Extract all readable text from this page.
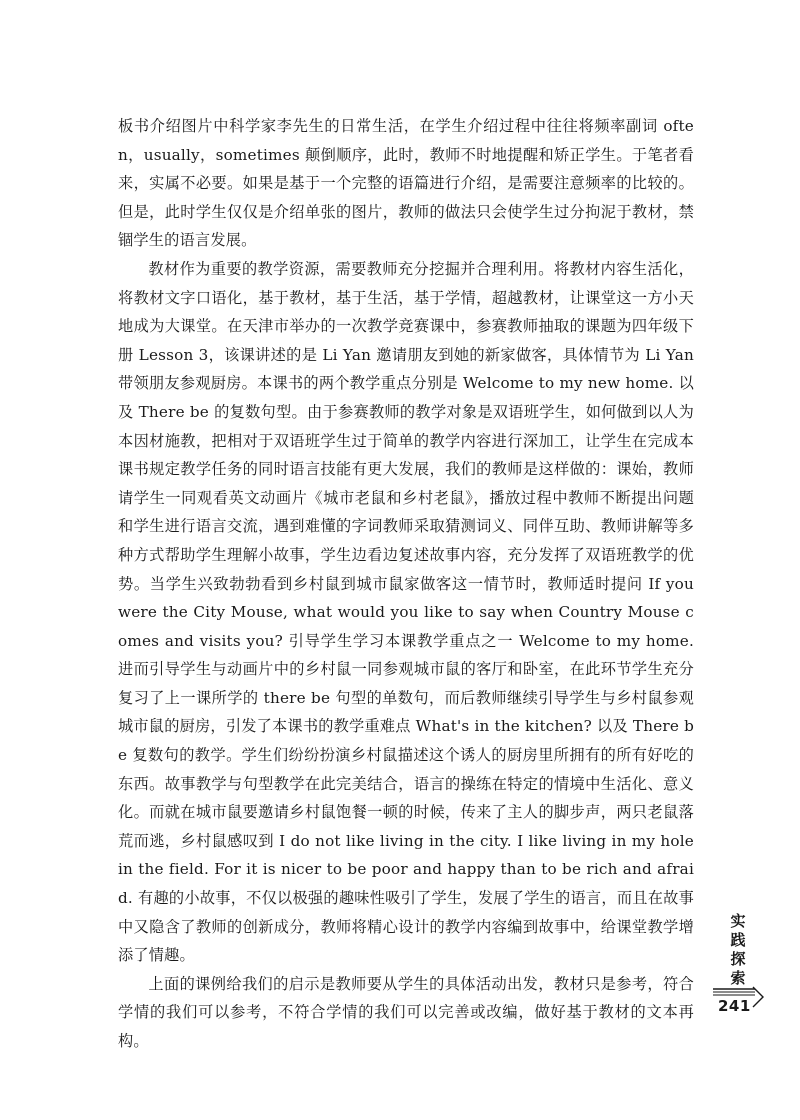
板书介绍图片中科学家李先生的日常生活，在学生介绍过程中往往将频率副词 often，usually，sometimes 颠倒顺序，此时，教师不时地提醒和矫正学生。于笔者看来，实属不必要。如果是基于一个完整的语篇进行介绍，是需要注意频率的比较的。但是，此时学生仅仅是介绍单张的图片，教师的做法只会使学生过分拘泥于教材，禁锢学生的语言发展。

教材作为重要的教学资源，需要教师充分挖掘并合理利用。将教材内容生活化，将教材文字口语化，基于教材，基于生活，基于学情，超越教材，让课堂这一方小天地成为大课堂。在天津市举办的一次教学竞赛课中，参赛教师抽取的课题为四年级下册 Lesson 3，该课讲述的是 Li Yan 邀请朋友到她的新家做客，具体情节为 Li Yan 带领朋友参观厨房。本课书的两个教学重点分别是 Welcome to my new home. 以及 There be 的复数句型。由于参赛教师的教学对象是双语班学生，如何做到以人为本因材施教，把相对于双语班学生过于简单的教学内容进行深加工，让学生在完成本课书规定教学任务的同时语言技能有更大发展，我们的教师是这样做的：课始，教师请学生一同观看英文动画片《城市老鼠和乡村老鼠》，播放过程中教师不断提出问题和学生进行语言交流，遇到难懂的字词教师采取猜测词义、同伴互助、教师讲解等多种方式帮助学生理解小故事，学生边看边复述故事内容，充分发挥了双语班教学的优势。当学生兴致勃勃看到乡村鼠到城市鼠家做客这一情节时，教师适时提问 If you were the City Mouse, what would you like to say when Country Mouse comes and visits you? 引导学生学习本课教学重点之一 Welcome to my home. 进而引导学生与动画片中的乡村鼠一同参观城市鼠的客厅和卧室，在此环节学生充分复习了上一课所学的 there be 句型的单数句，而后教师继续引导学生与乡村鼠参观城市鼠的厨房，引发了本课书的教学重难点 What's in the kitchen? 以及 There be 复数句的教学。学生们纷纷扮演乡村鼠描述这个诱人的厨房里所拥有的所有好吃的东西。故事教学与句型教学在此完美结合，语言的操练在特定的情境中生活化、意义化。而就在城市鼠要邀请乡村鼠饱餐一顿的时候，传来了主人的脚步声，两只老鼠落荒而逃，乡村鼠感叹到 I do not like living in the city. I like living in my hole in the field. For it is nicer to be poor and happy than to be rich and afraid. 有趣的小故事，不仅以极强的趣味性吸引了学生，发展了学生的语言，而且在故事中又隐含了教师的创新成分，教师将精心设计的教学内容编到故事中，给课堂教学增添了情趣。

上面的课例给我们的启示是教师要从学生的具体活动出发，教材只是参考，符合学情的我们可以参考，不符合学情的我们可以完善或改编，做好基于教材的文本再构。

实
践
探
索
241
